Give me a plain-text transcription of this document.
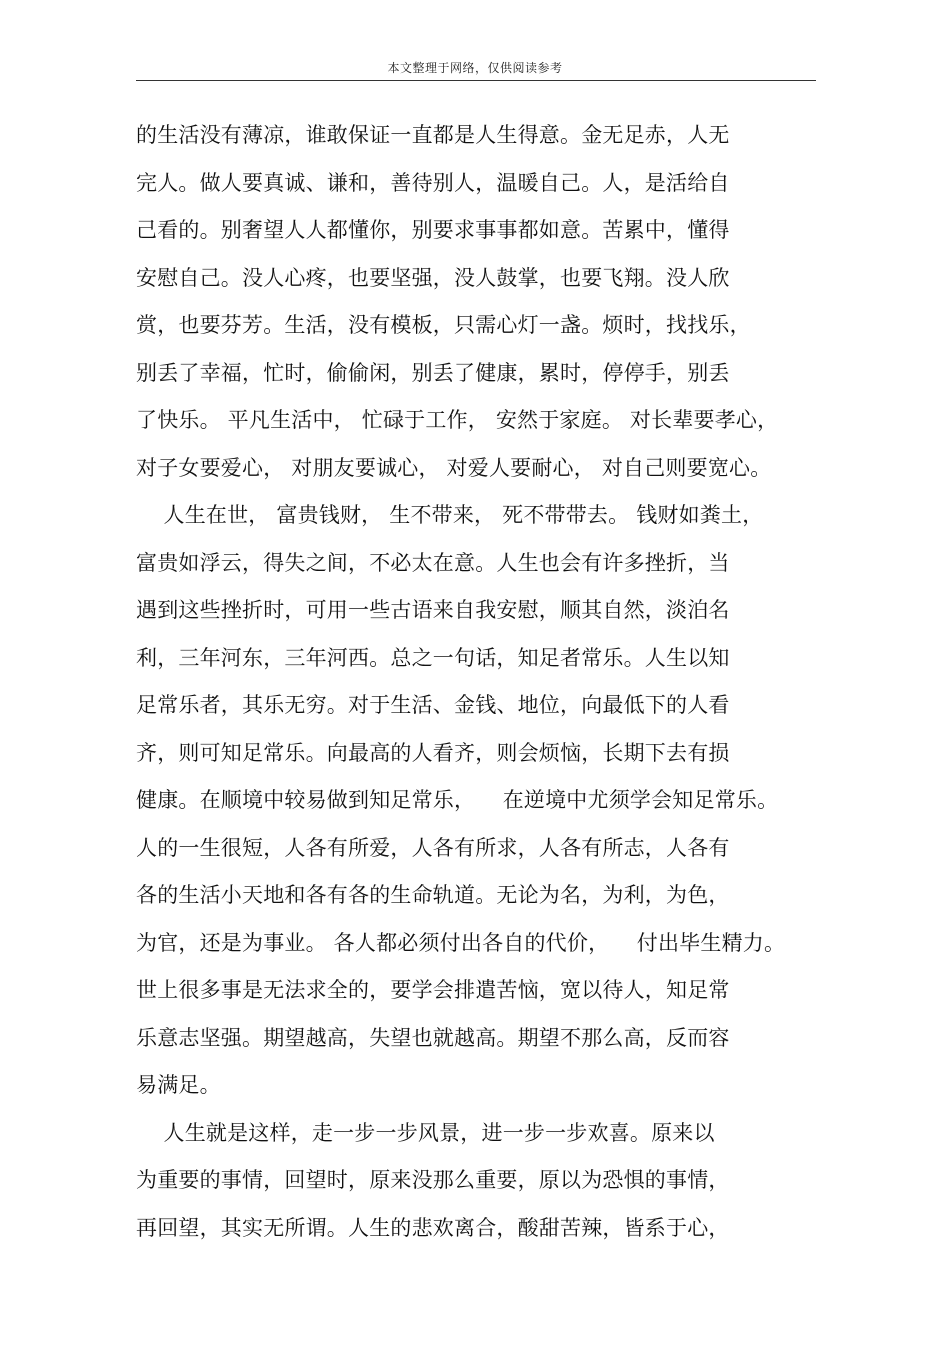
本文整理于网络，仅供阅读参考
的生活没有薄凉，谁敢保证一直都是人生得意。金无足赤，人无
完人。做人要真诚、谦和，善待别人，温暖自己。人，是活给自
己看的。别奢望人人都懂你，别要求事事都如意。苦累中，懂得
安慰自己。没人心疼，也要坚强，没人鼓掌，也要飞翔。没人欣
赏，也要芬芳。生活，没有模板，只需心灯一盏。烦时，找找乐，
别丢了幸福，忙时，偷偷闲，别丢了健康，累时，停停手，别丢
了快乐。 平凡生活中， 忙碌于工作， 安然于家庭。 对长辈要孝心，
对子女要爱心， 对朋友要诚心， 对爱人要耐心， 对自己则要宽心。
人生在世， 富贵钱财， 生不带来， 死不带带去。 钱财如粪土，
富贵如浮云，得失之间，不必太在意。人生也会有许多挫折，当
遇到这些挫折时，可用一些古语来自我安慰，顺其自然，淡泊名
利，三年河东，三年河西。总之一句话，知足者常乐。人生以知
足常乐者，其乐无穷。对于生活、金钱、地位，向最低下的人看
齐，则可知足常乐。向最高的人看齐，则会烦恼，长期下去有损
健康。在顺境中较易做到知足常乐，    在逆境中尤须学会知足常乐。
人的一生很短，人各有所爱，人各有所求，人各有所志，人各有
各的生活小天地和各有各的生命轨道。无论为名，为利，为色，
为官，还是为事业。 各人都必须付出各自的代价，    付出毕生精力。
世上很多事是无法求全的，要学会排遣苦恼，宽以待人，知足常
乐意志坚强。期望越高，失望也就越高。期望不那么高，反而容
易满足。
人生就是这样，走一步一步风景，进一步一步欢喜。原来以
为重要的事情，回望时，原来没那么重要，原以为恐惧的事情，
再回望，其实无所谓。人生的悲欢离合，酸甜苦辣，皆系于心，
